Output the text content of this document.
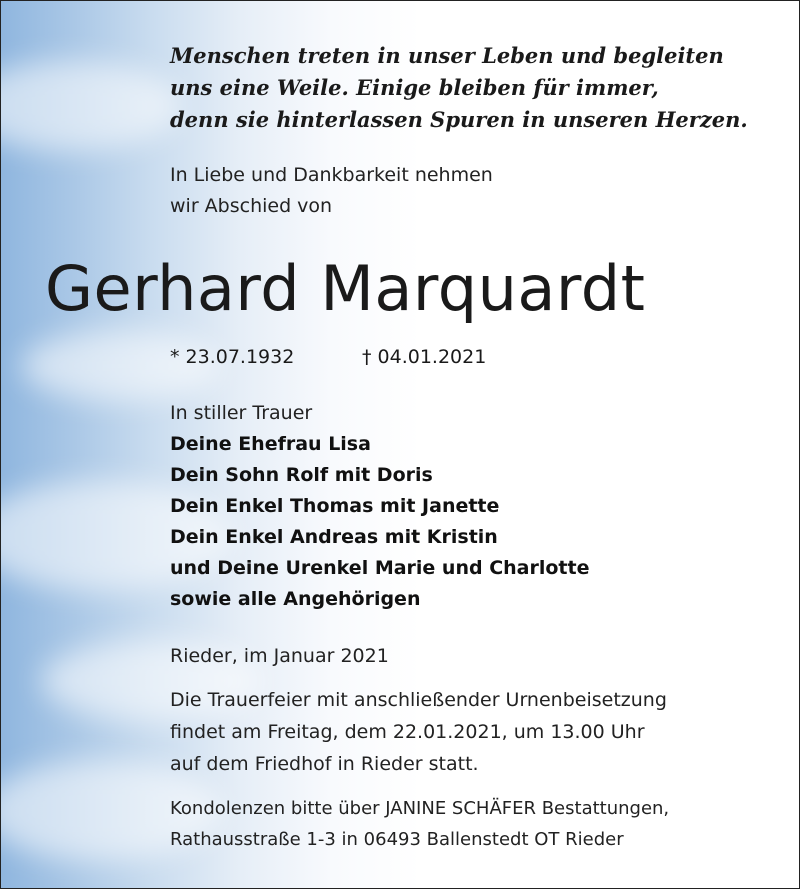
Menschen treten in unser Leben und begleiten
uns eine Weile. Einige bleiben für immer,
denn sie hinterlassen Spuren in unseren Herzen.
In Liebe und Dankbarkeit nehmen
wir Abschied von
Gerhard Marquardt
* 23.07.1932	† 04.01.2021
In stiller Trauer
Deine Ehefrau Lisa
Dein Sohn Rolf mit Doris
Dein Enkel Thomas mit Janette
Dein Enkel Andreas mit Kristin
und Deine Urenkel Marie und Charlotte
sowie alle Angehörigen
Rieder, im Januar 2021
Die Trauerfeier mit anschließender Urnenbeisetzung
findet am Freitag, dem 22.01.2021, um 13.00 Uhr
auf dem Friedhof in Rieder statt.
Kondolenzen bitte über JANINE SCHÄFER Bestattungen,
Rathausstraße 1-3 in 06493 Ballenstedt OT Rieder
